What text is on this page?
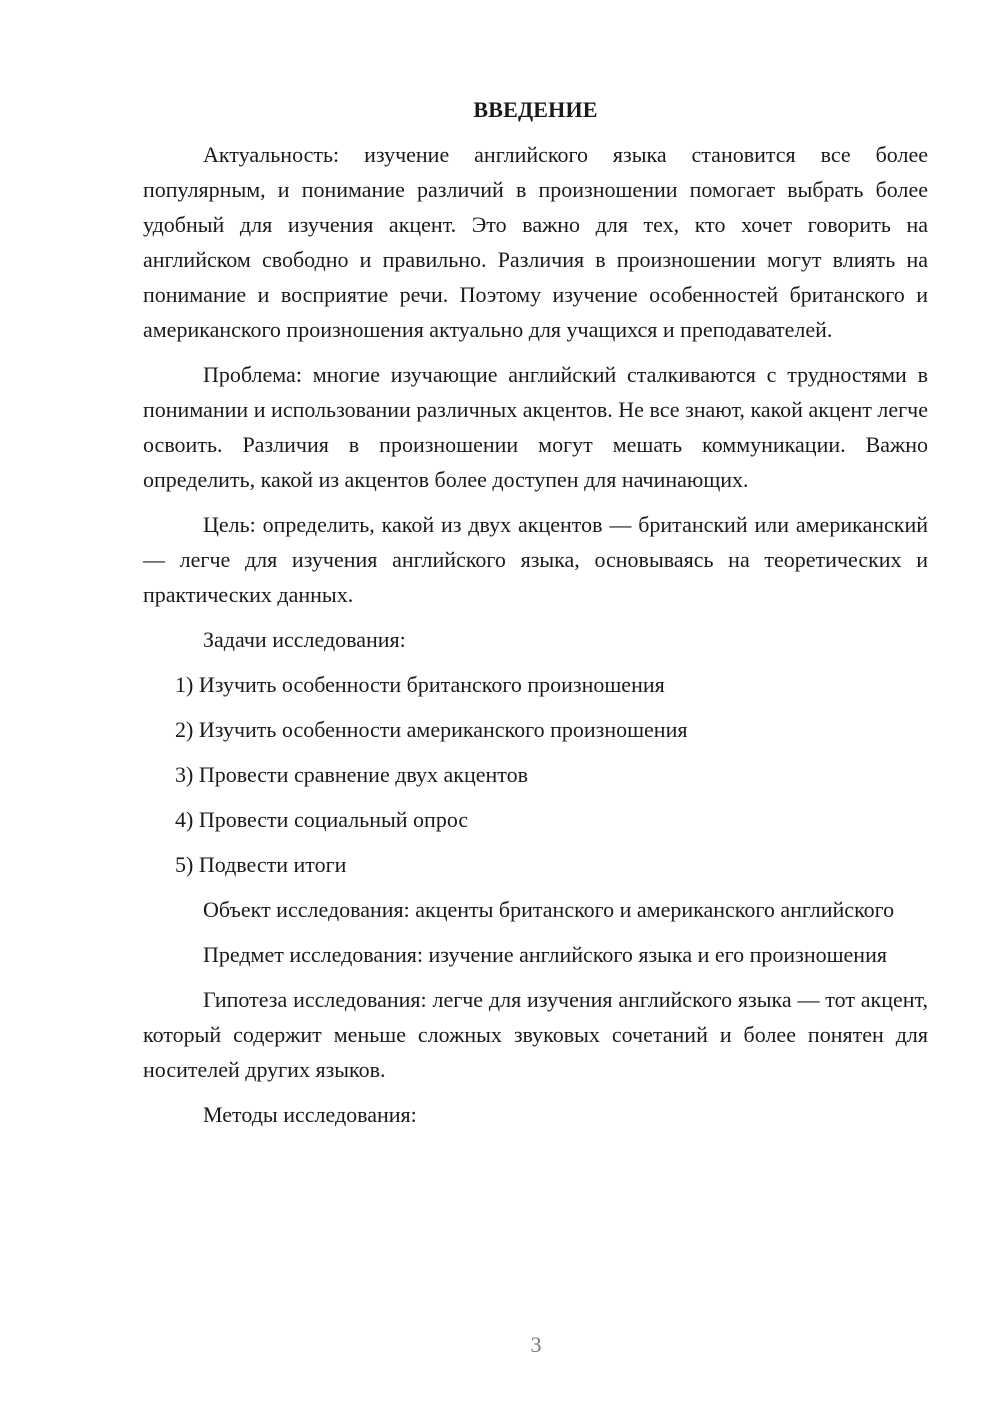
ВВЕДЕНИЕ

Актуальность: изучение английского языка становится все более популярным, и понимание различий в произношении помогает выбрать более удобный для изучения акцент. Это важно для тех, кто хочет говорить на английском свободно и правильно. Различия в произношении могут влиять на понимание и восприятие речи. Поэтому изучение особенностей британского и американского произношения актуально для учащихся и преподавателей.

Проблема: многие изучающие английский сталкиваются с трудностями в понимании и использовании различных акцентов. Не все знают, какой акцент легче освоить. Различия в произношении могут мешать коммуникации. Важно определить, какой из акцентов более доступен для начинающих.

Цель: определить, какой из двух акцентов — британский или американский — легче для изучения английского языка, основываясь на теоретических и практических данных.

Задачи исследования:

1) Изучить особенности британского произношения
2) Изучить особенности американского произношения
3) Провести сравнение двух акцентов
4) Провести социальный опрос
5) Подвести итоги

Объект исследования: акценты британского и американского английского

Предмет исследования: изучение английского языка и его произношения

Гипотеза исследования: легче для изучения английского языка — тот акцент, который содержит меньше сложных звуковых сочетаний и более понятен для носителей других языков.

Методы исследования:

3
